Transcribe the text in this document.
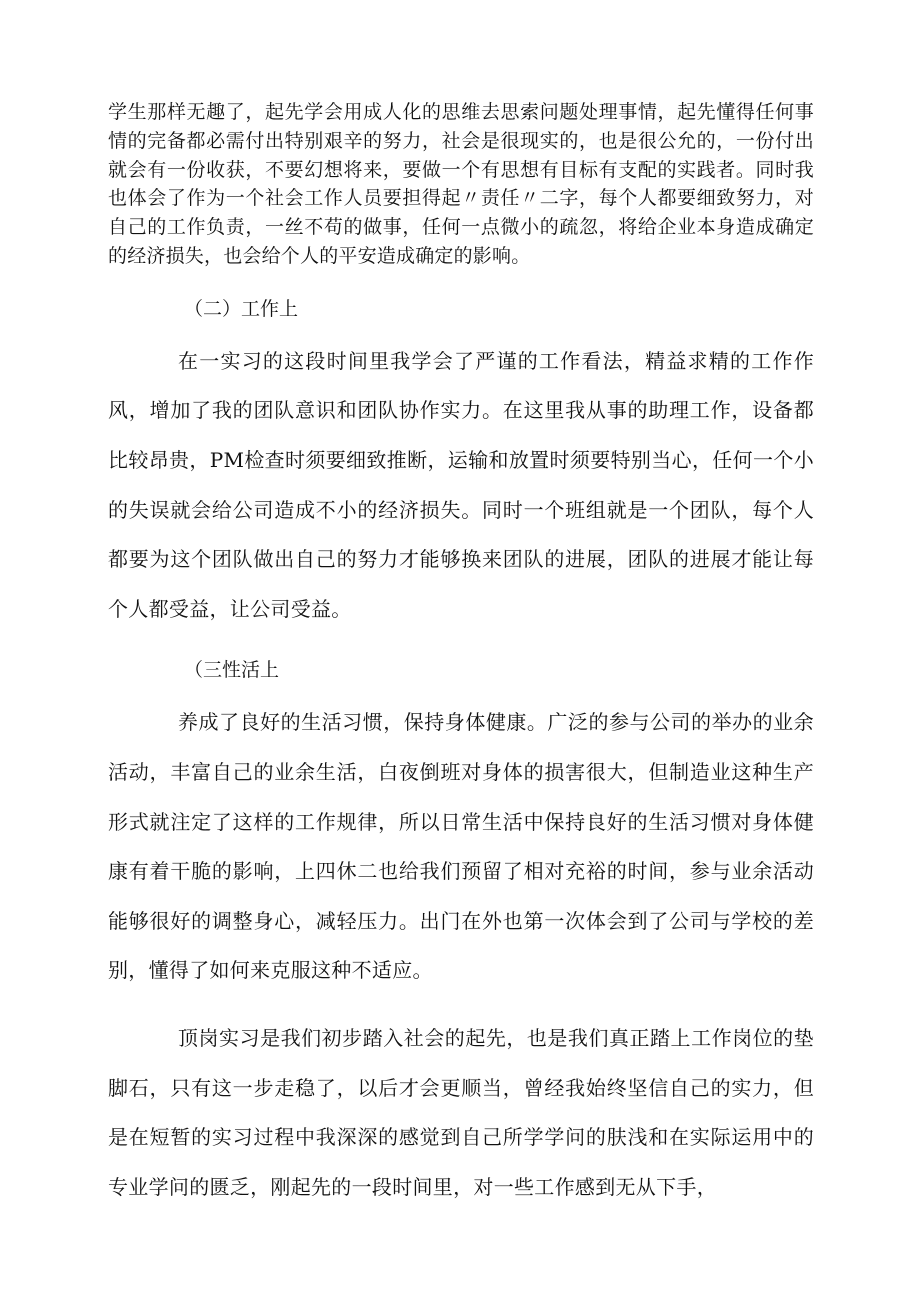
学生那样无趣了，起先学会用成人化的思维去思索问题处理事情，起先懂得任何事情的完备都必需付出特别艰辛的努力，社会是很现实的，也是很公允的，一份付出就会有一份收获，不要幻想将来，要做一个有思想有目标有支配的实践者。同时我也体会了作为一个社会工作人员要担得起〃责任〃二字，每个人都要细致努力，对自己的工作负责，一丝不苟的做事，任何一点微小的疏忽，将给企业本身造成确定的经济损失，也会给个人的平安造成确定的影响。

（二）工作上

在一实习的这段时间里我学会了严谨的工作看法，精益求精的工作作风，增加了我的团队意识和团队协作实力。在这里我从事的助理工作，设备都比较昂贵，PM检查时须要细致推断，运输和放置时须要特别当心，任何一个小的失误就会给公司造成不小的经济损失。同时一个班组就是一个团队，每个人都要为这个团队做出自己的努力才能够换来团队的进展，团队的进展才能让每个人都受益，让公司受益。

（三性活上

养成了良好的生活习惯，保持身体健康。广泛的参与公司的举办的业余活动，丰富自己的业余生活，白夜倒班对身体的损害很大，但制造业这种生产形式就注定了这样的工作规律，所以日常生活中保持良好的生活习惯对身体健康有着干脆的影响，上四休二也给我们预留了相对充裕的时间，参与业余活动能够很好的调整身心，减轻压力。出门在外也第一次体会到了公司与学校的差别，懂得了如何来克服这种不适应。

顶岗实习是我们初步踏入社会的起先，也是我们真正踏上工作岗位的垫脚石，只有这一步走稳了，以后才会更顺当，曾经我始终坚信自己的实力，但是在短暂的实习过程中我深深的感觉到自己所学学问的肤浅和在实际运用中的专业学问的匮乏，刚起先的一段时间里，对一些工作感到无从下手，
